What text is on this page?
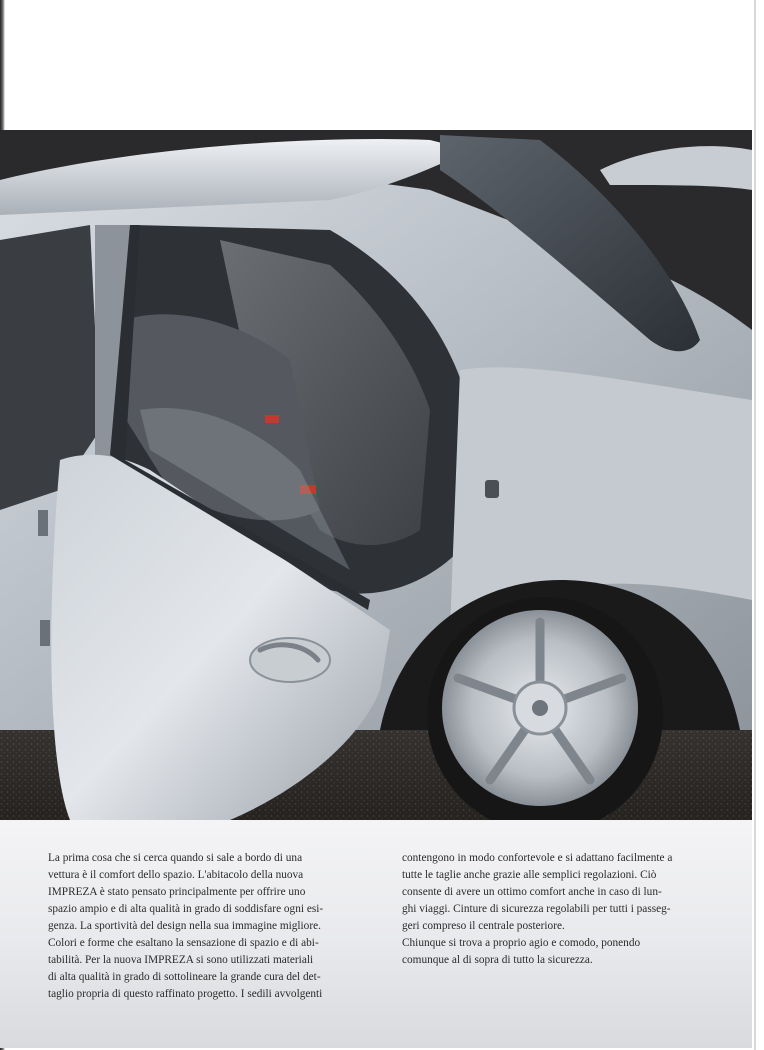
La prima cosa che si cerca quando si sale a bordo di una

vettura è il comfort dello spazio. L'abitacolo della nuova

IMPREZA è stato pensato principalmente per offrire uno

spazio ampio e di alta qualità in grado di soddisfare ogni esi-

genza. La sportività del design nella sua immagine migliore.

Colori e forme che esaltano la sensazione di spazio e di abi-

tabilità. Per la nuova IMPREZA si sono utilizzati materiali

di alta qualità in grado di sottolineare la grande cura del det-

taglio propria di questo raffinato progetto. I sedili avvolgenti

contengono in modo confortevole e si adattano facilmente a

tutte le taglie anche grazie alle semplici regolazioni. Ciò

consente di avere un ottimo comfort anche in caso di lun-

ghi viaggi. Cinture di sicurezza regolabili per tutti i passeg-

geri compreso il centrale posteriore.

Chiunque si trova a proprio agio e comodo, ponendo

comunque al di sopra di tutto la sicurezza.
